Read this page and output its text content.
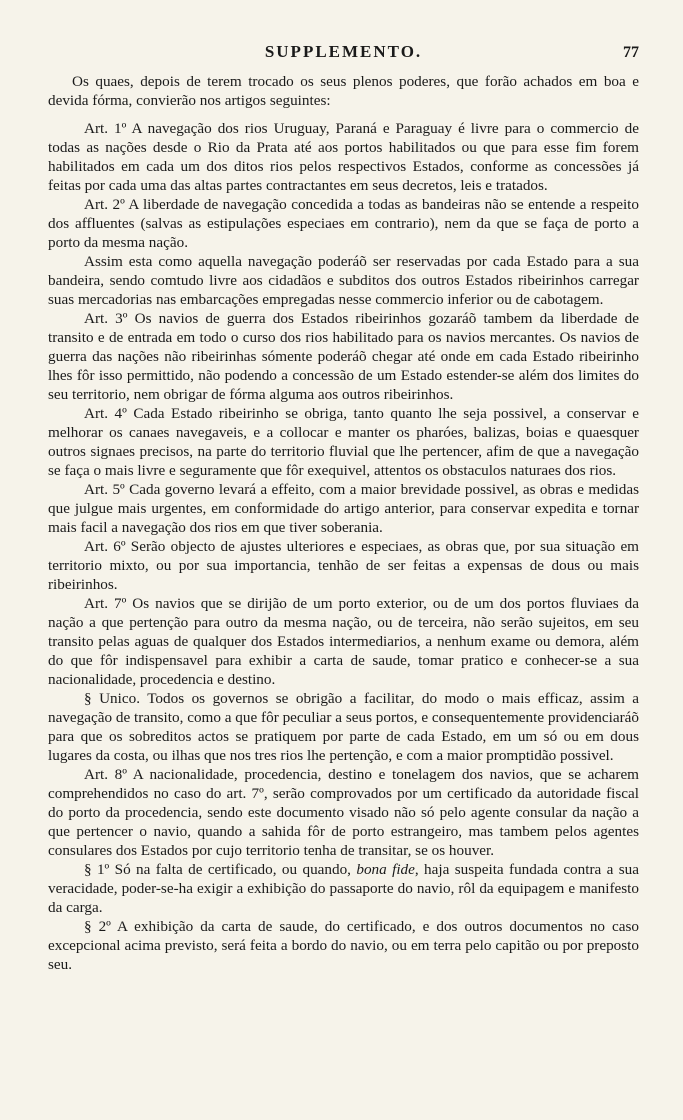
SUPPLEMENTO.	77

Os quaes, depois de terem trocado os seus plenos poderes, que forão achados em boa e devida fórma, convierão nos artigos seguintes:

Art. 1º A navegação dos rios Uruguay, Paraná e Paraguay é livre para o commercio de todas as nações desde o Rio da Prata até aos portos habilitados ou que para esse fim forem habilitados em cada um dos ditos rios pelos respectivos Estados, conforme as concessões já feitas por cada uma das altas partes contractantes em seus decretos, leis e tratados.

Art. 2º A liberdade de navegação concedida a todas as bandeiras não se entende a respeito dos affluentes (salvas as estipulações especiaes em contrario), nem da que se faça de porto a porto da mesma nação.

Assim esta como aquella navegação poderáõ ser reservadas por cada Estado para a sua bandeira, sendo comtudo livre aos cidadãos e subditos dos outros Estados ribeirinhos carregar suas mercadorias nas embarcações empregadas nesse commercio inferior ou de cabotagem.

Art. 3º Os navios de guerra dos Estados ribeirinhos gozaráõ tambem da liberdade de transito e de entrada em todo o curso dos rios habilitado para os navios mercantes. Os navios de guerra das nações não ribeirinhas sómente poderáõ chegar até onde em cada Estado ribeirinho lhes fôr isso permittido, não podendo a concessão de um Estado estender-se além dos limites do seu territorio, nem obrigar de fórma alguma aos outros ribeirinhos.

Art. 4º Cada Estado ribeirinho se obriga, tanto quanto lhe seja possivel, a conservar e melhorar os canaes navegaveis, e a collocar e manter os pharóes, balizas, boias e quaesquer outros signaes precisos, na parte do territorio fluvial que lhe pertencer, afim de que a navegação se faça o mais livre e seguramente que fôr exequivel, attentos os obstaculos naturaes dos rios.

Art. 5º Cada governo levará a effeito, com a maior brevidade possivel, as obras e medidas que julgue mais urgentes, em conformidade do artigo anterior, para conservar expedita e tornar mais facil a navegação dos rios em que tiver soberania.

Art. 6º Serão objecto de ajustes ulteriores e especiaes, as obras que, por sua situação em territorio mixto, ou por sua importancia, tenhão de ser feitas a expensas de dous ou mais ribeirinhos.

Art. 7º Os navios que se dirijão de um porto exterior, ou de um dos portos fluviaes da nação a que pertenção para outro da mesma nação, ou de terceira, não serão sujeitos, em seu transito pelas aguas de qualquer dos Estados intermediarios, a nenhum exame ou demora, além do que fôr indispensavel para exhibir a carta de saude, tomar pratico e conhecer-se a sua nacionalidade, procedencia e destino.

§ Unico. Todos os governos se obrigão a facilitar, do modo o mais efficaz, assim a navegação de transito, como a que fôr peculiar a seus portos, e consequentemente providenciaráõ para que os sobreditos actos se pratiquem por parte de cada Estado, em um só ou em dous lugares da costa, ou ilhas que nos tres rios lhe pertenção, e com a maior promptidão possivel.

Art. 8º A nacionalidade, procedencia, destino e tonelagem dos navios, que se acharem comprehendidos no caso do art. 7º, serão comprovados por um certificado da autoridade fiscal do porto da procedencia, sendo este documento visado não só pelo agente consular da nação a que pertencer o navio, quando a sahida fôr de porto estrangeiro, mas tambem pelos agentes consulares dos Estados por cujo territorio tenha de transitar, se os houver.

§ 1º Só na falta de certificado, ou quando, bona fide, haja suspeita fundada contra a sua veracidade, poder-se-ha exigir a exhibição do passaporte do navio, rôl da equipagem e manifesto da carga.

§ 2º A exhibição da carta de saude, do certificado, e dos outros documentos no caso excepcional acima previsto, será feita a bordo do navio, ou em terra pelo capitão ou por preposto seu.
